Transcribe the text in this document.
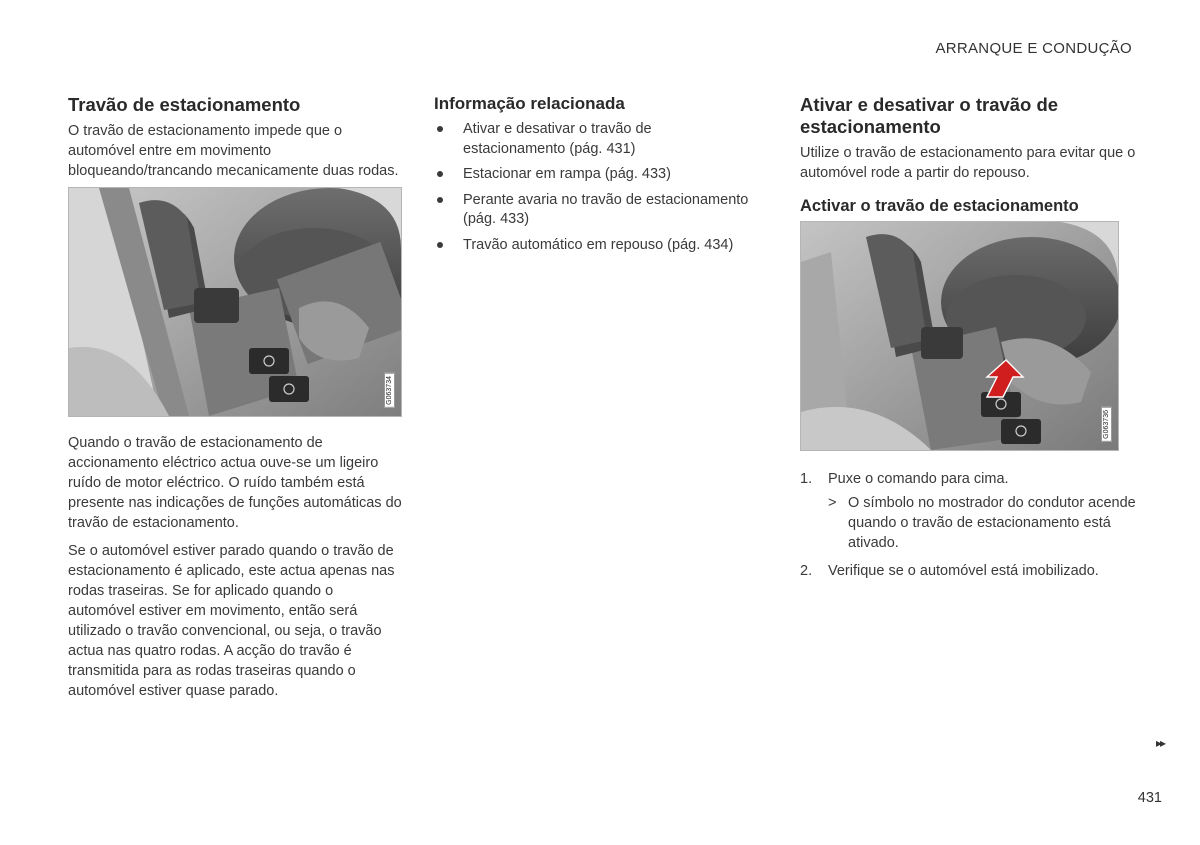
ARRANQUE E CONDUÇÃO
Travão de estacionamento

O travão de estacionamento impede que o automóvel entre em movimento bloqueando/trancando mecanicamente duas rodas.

G063734

Quando o travão de estacionamento de accionamento eléctrico actua ouve-se um ligeiro ruído de motor eléctrico. O ruído também está presente nas indicações de funções automáticas do travão de estacionamento.

Se o automóvel estiver parado quando o travão de estacionamento é aplicado, este actua apenas nas rodas traseiras. Se for aplicado quando o automóvel estiver em movimento, então será utilizado o travão convencional, ou seja, o travão actua nas quatro rodas. A acção do travão é transmitida para as rodas traseiras quando o automóvel estiver quase parado.

Informação relacionada
Ativar e desativar o travão de estacionamento (pág. 431)
Estacionar em rampa (pág. 433)
Perante avaria no travão de estacionamento (pág. 433)
Travão automático em repouso (pág. 434)
Ativar e desativar o travão de estacionamento

Utilize o travão de estacionamento para evitar que o automóvel rode a partir do repouso.

Activar o travão de estacionamento
G063736
1. Puxe o comando para cima.
> O símbolo no mostrador do condutor acende quando o travão de estacionamento está ativado.
2. Verifique se o automóvel está imobilizado.
▸▸
431
